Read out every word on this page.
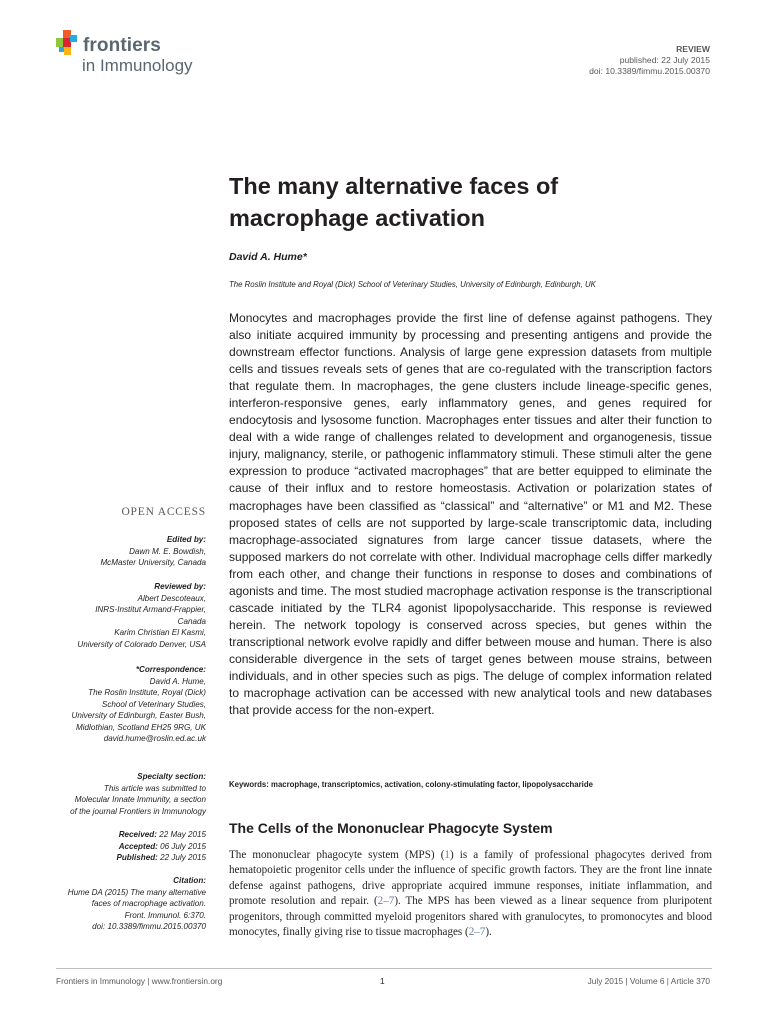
frontiers
in Immunology
REVIEW
published: 22 July 2015
doi: 10.3389/fimmu.2015.00370
The many alternative faces of
macrophage activation
David A. Hume*
The Roslin Institute and Royal (Dick) School of Veterinary Studies, University of Edinburgh, Edinburgh, UK

Monocytes and macrophages provide the first line of defense against pathogens. They also initiate acquired immunity by processing and presenting antigens and provide the downstream effector functions. Analysis of large gene expression datasets from multiple cells and tissues reveals sets of genes that are co-regulated with the transcription factors that regulate them. In macrophages, the gene clusters include lineage-specific genes, interferon-responsive genes, early inflammatory genes, and genes required for endocytosis and lysosome function. Macrophages enter tissues and alter their function to deal with a wide range of challenges related to development and organogenesis, tissue injury, malignancy, sterile, or pathogenic inflammatory stimuli. These stimuli alter the gene expression to produce “activated macrophages” that are better equipped to eliminate the cause of their influx and to restore homeostasis. Activation or polarization states of macrophages have been classified as “classical” and “alternative” or M1 and M2. These proposed states of cells are not supported by large-scale transcriptomic data, including macrophage-associated signatures from large cancer tissue datasets, where the supposed markers do not correlate with other. Individual macrophage cells differ markedly from each other, and change their functions in response to doses and combinations of agonists and time. The most studied macrophage activation response is the transcriptional cascade initiated by the TLR4 agonist lipopolysaccharide. This response is reviewed herein. The network topology is conserved across species, but genes within the transcriptional network evolve rapidly and differ between mouse and human. There is also considerable divergence in the sets of target genes between mouse strains, between individuals, and in other species such as pigs. The deluge of complex information related to macrophage activation can be accessed with new analytical tools and new databases that provide access for the non-expert.

Keywords: macrophage, transcriptomics, activation, colony-stimulating factor, lipopolysaccharide
The Cells of the Mononuclear Phagocyte System

The mononuclear phagocyte system (MPS) (1) is a family of professional phagocytes derived from hematopoietic progenitor cells under the influence of specific growth factors. They are the front line innate defense against pathogens, drive appropriate acquired immune responses, initiate inflammation, and promote resolution and repair. (2–7). The MPS has been viewed as a linear sequence from pluripotent progenitors, through committed myeloid progenitors shared with granulocytes, to promonocytes and blood monocytes, finally giving rise to tissue macrophages (2–7).

OPEN ACCESS
Edited by:
Dawn M. E. Bowdish,
McMaster University, Canada
Reviewed by:
Albert Descoteaux,
INRS-Institut Armand-Frappier,
Canada
Karim Christian El Kasmi,
University of Colorado Denver, USA
*Correspondence:
David A. Hume,
The Roslin Institute, Royal (Dick)
School of Veterinary Studies,
University of Edinburgh, Easter Bush,
Midlothian, Scotland EH25 9RG, UK
david.hume@roslin.ed.ac.uk
Specialty section:
This article was submitted to
Molecular Innate Immunity, a section
of the journal Frontiers in Immunology
Received: 22 May 2015
Accepted: 06 July 2015
Published: 22 July 2015
Citation:
Hume DA (2015) The many alternative
faces of macrophage activation.
Front. Immunol. 6:370.
doi: 10.3389/fimmu.2015.00370
Frontiers in Immunology | www.frontiersin.org	1	July 2015 | Volume 6 | Article 370
